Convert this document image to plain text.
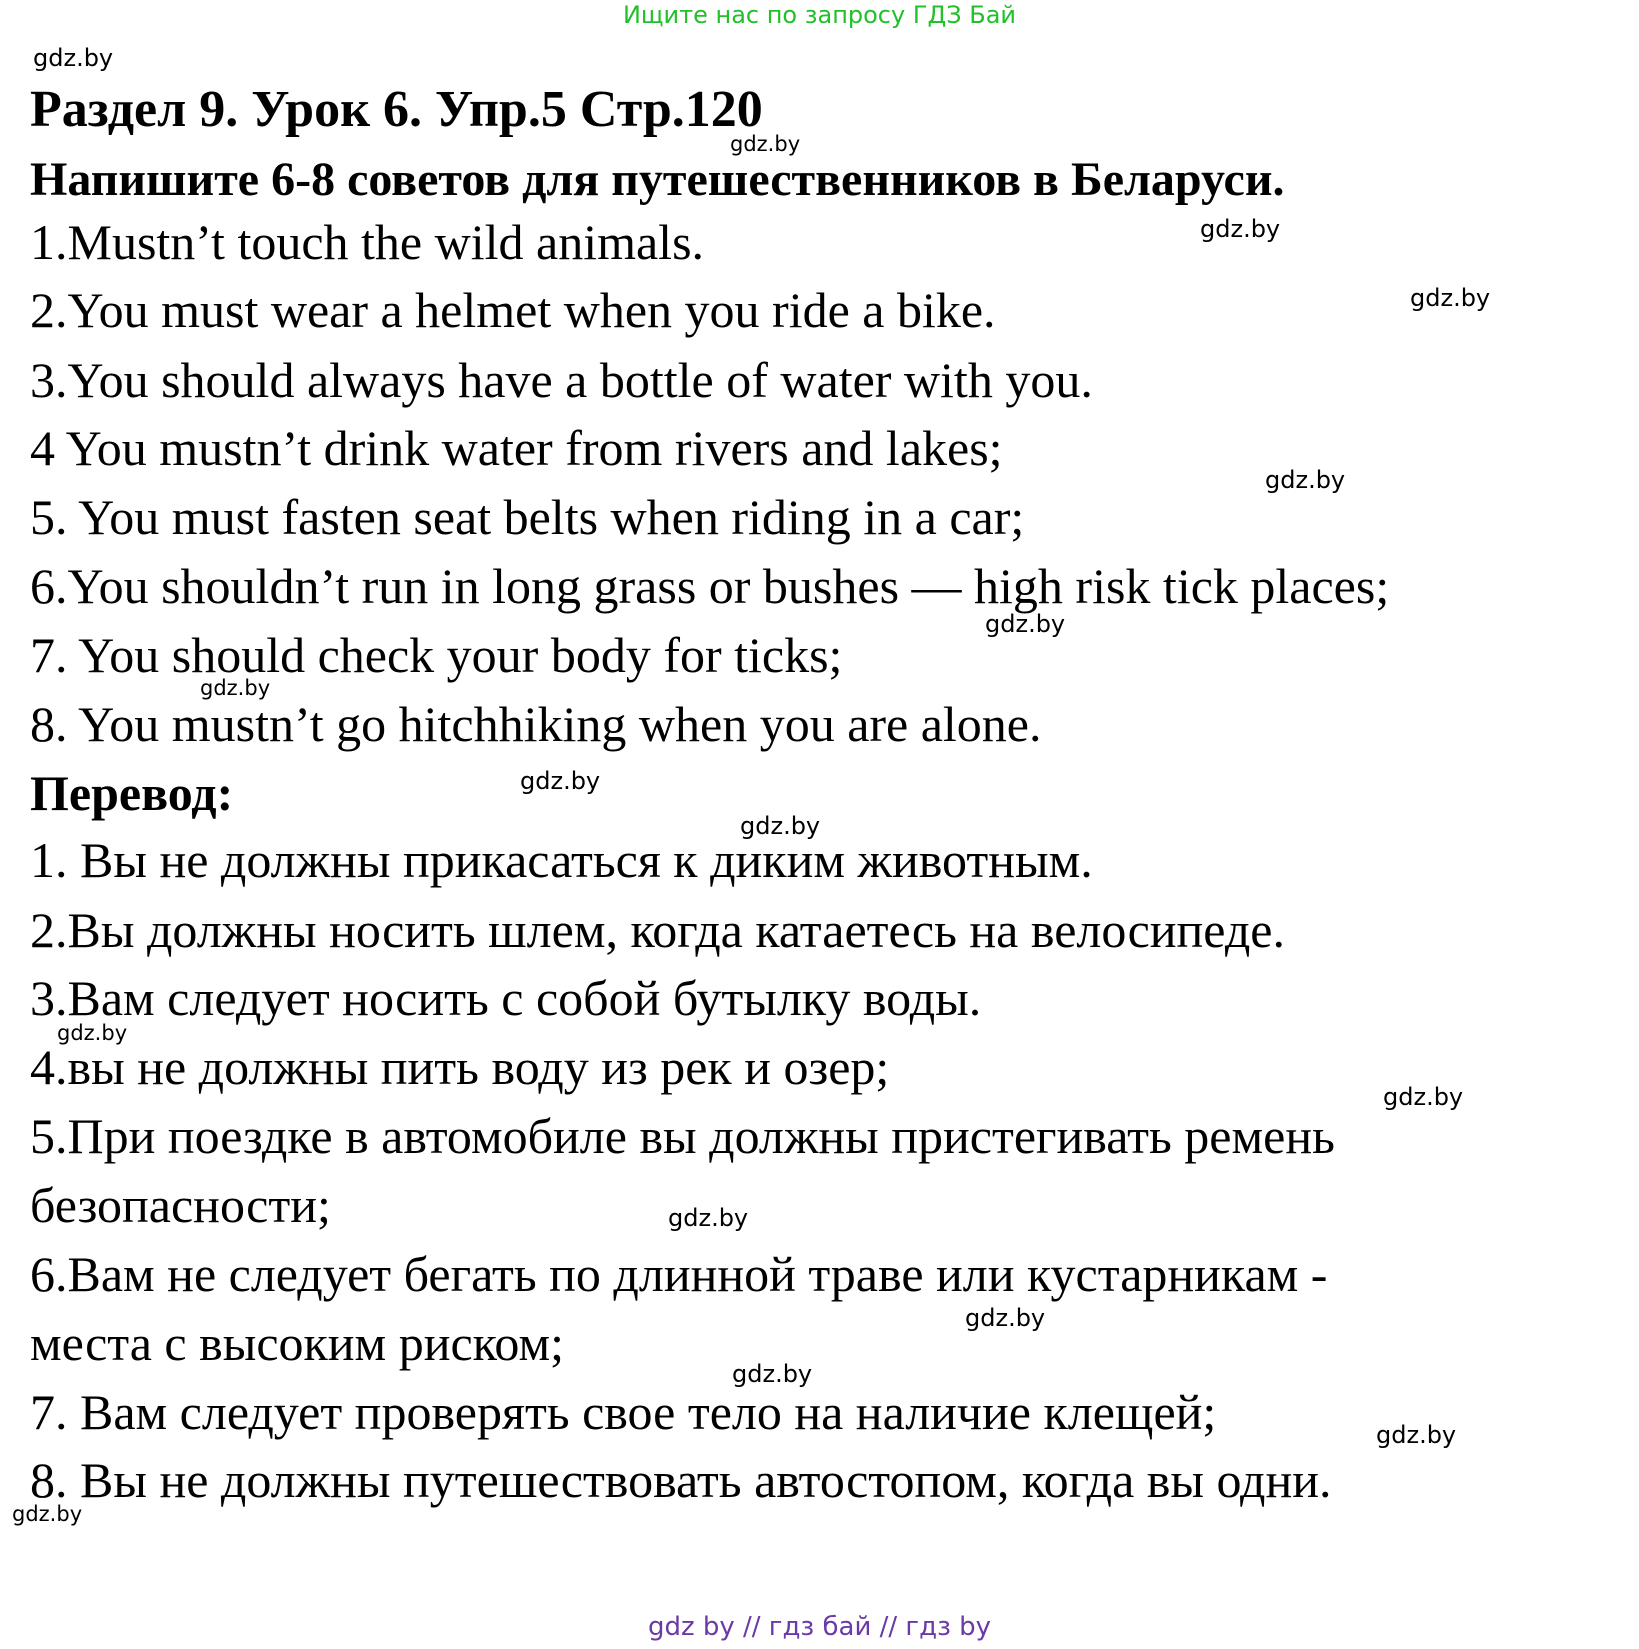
Ищите нас по запросу ГДЗ Бай
gdz.by
Раздел 9. Урок 6. Упр.5 Стр.120
gdz.by
Напишите 6-8 советов для путешественников в Беларуси.
1.Mustn’t touch the wild animals.	gdz.by
2.You must wear a helmet when you ride a bike.	gdz.by
3.You should always have a bottle of water with you.
4 You mustn’t drink water from rivers and lakes;
gdz.by
5. You must fasten seat belts when riding in a car;
6.You shouldn’t run in long grass or bushes — high risk tick places;
gdz.by
7. You should check your body for ticks;
gdz.by
8. You mustn’t go hitchhiking when you are alone.
Перевод:	gdz.by
gdz.by
1. Вы не должны прикасаться к диким животным.
2.Вы должны носить шлем, когда катаетесь на велосипеде.
3.Вам следует носить с собой бутылку воды.
gdz.by
4.вы не должны пить воду из рек и озер;
gdz.by
5.При поездке в автомобиле вы должны пристегивать ремень
безопасности;	gdz.by
6.Вам не следует бегать по длинной траве или кустарникам -
gdz.by
места с высоким риском;
gdz.by
7. Вам следует проверять свое тело на наличие клещей;	gdz.by
8. Вы не должны путешествовать автостопом, когда вы одни.
gdz.by
gdz by // гдз бай // гдз by
